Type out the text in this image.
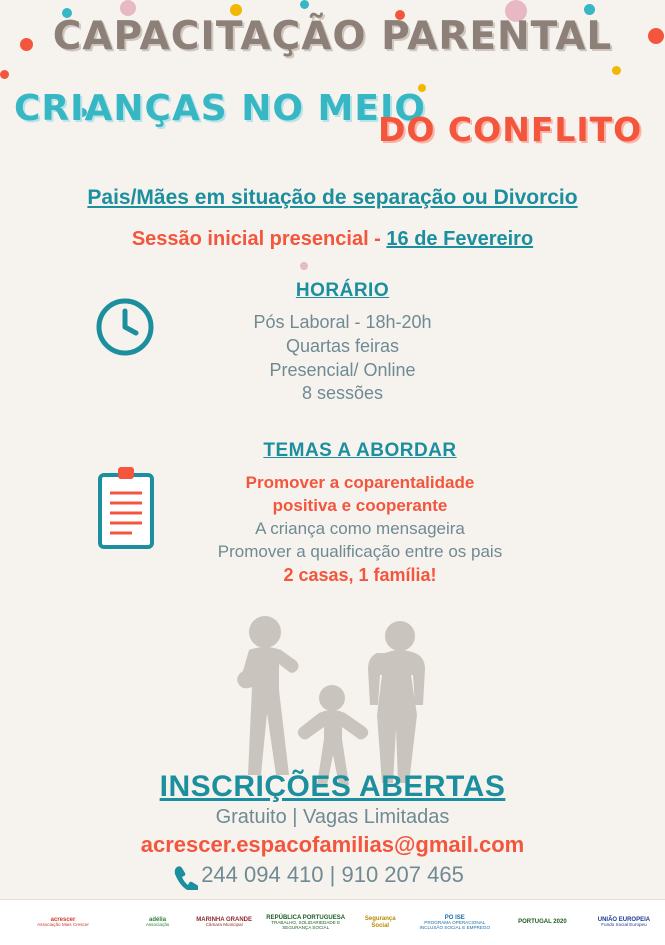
CAPACITAÇÃO PARENTAL
CRIANÇAS NO MEIO
DO CONFLITO
Pais/Mães em situação de separação ou Divorcio
Sessão inicial presencial - 16 de Fevereiro
HORÁRIO
Pós Laboral - 18h-20h
Quartas feiras
Presencial/ Online
8 sessões
TEMAS A ABORDAR
Promover a coparentalidade
positiva e cooperante
A criança como mensageira
Promover a qualificação entre os pais
2 casas, 1 família!
INSCRIÇÕES ABERTAS
Gratuito | Vagas Limitadas
acrescer.espacofamilias@gmail.com
244 094 410 | 910 207 465
acrescer
Associação Mais Crescer
adélia
Associação
MARINHA GRANDE
Câmara Municipal
REPÚBLICA PORTUGUESA
TRABALHO, SOLIDARIEDADE E SEGURANÇA SOCIAL
Segurança Social
PO ISE
PROGRAMA OPERACIONAL INCLUSÃO SOCIAL E EMPREGO
PORTUGAL 2020	UNIÃO EUROPEIA
Fundo Social Europeu
